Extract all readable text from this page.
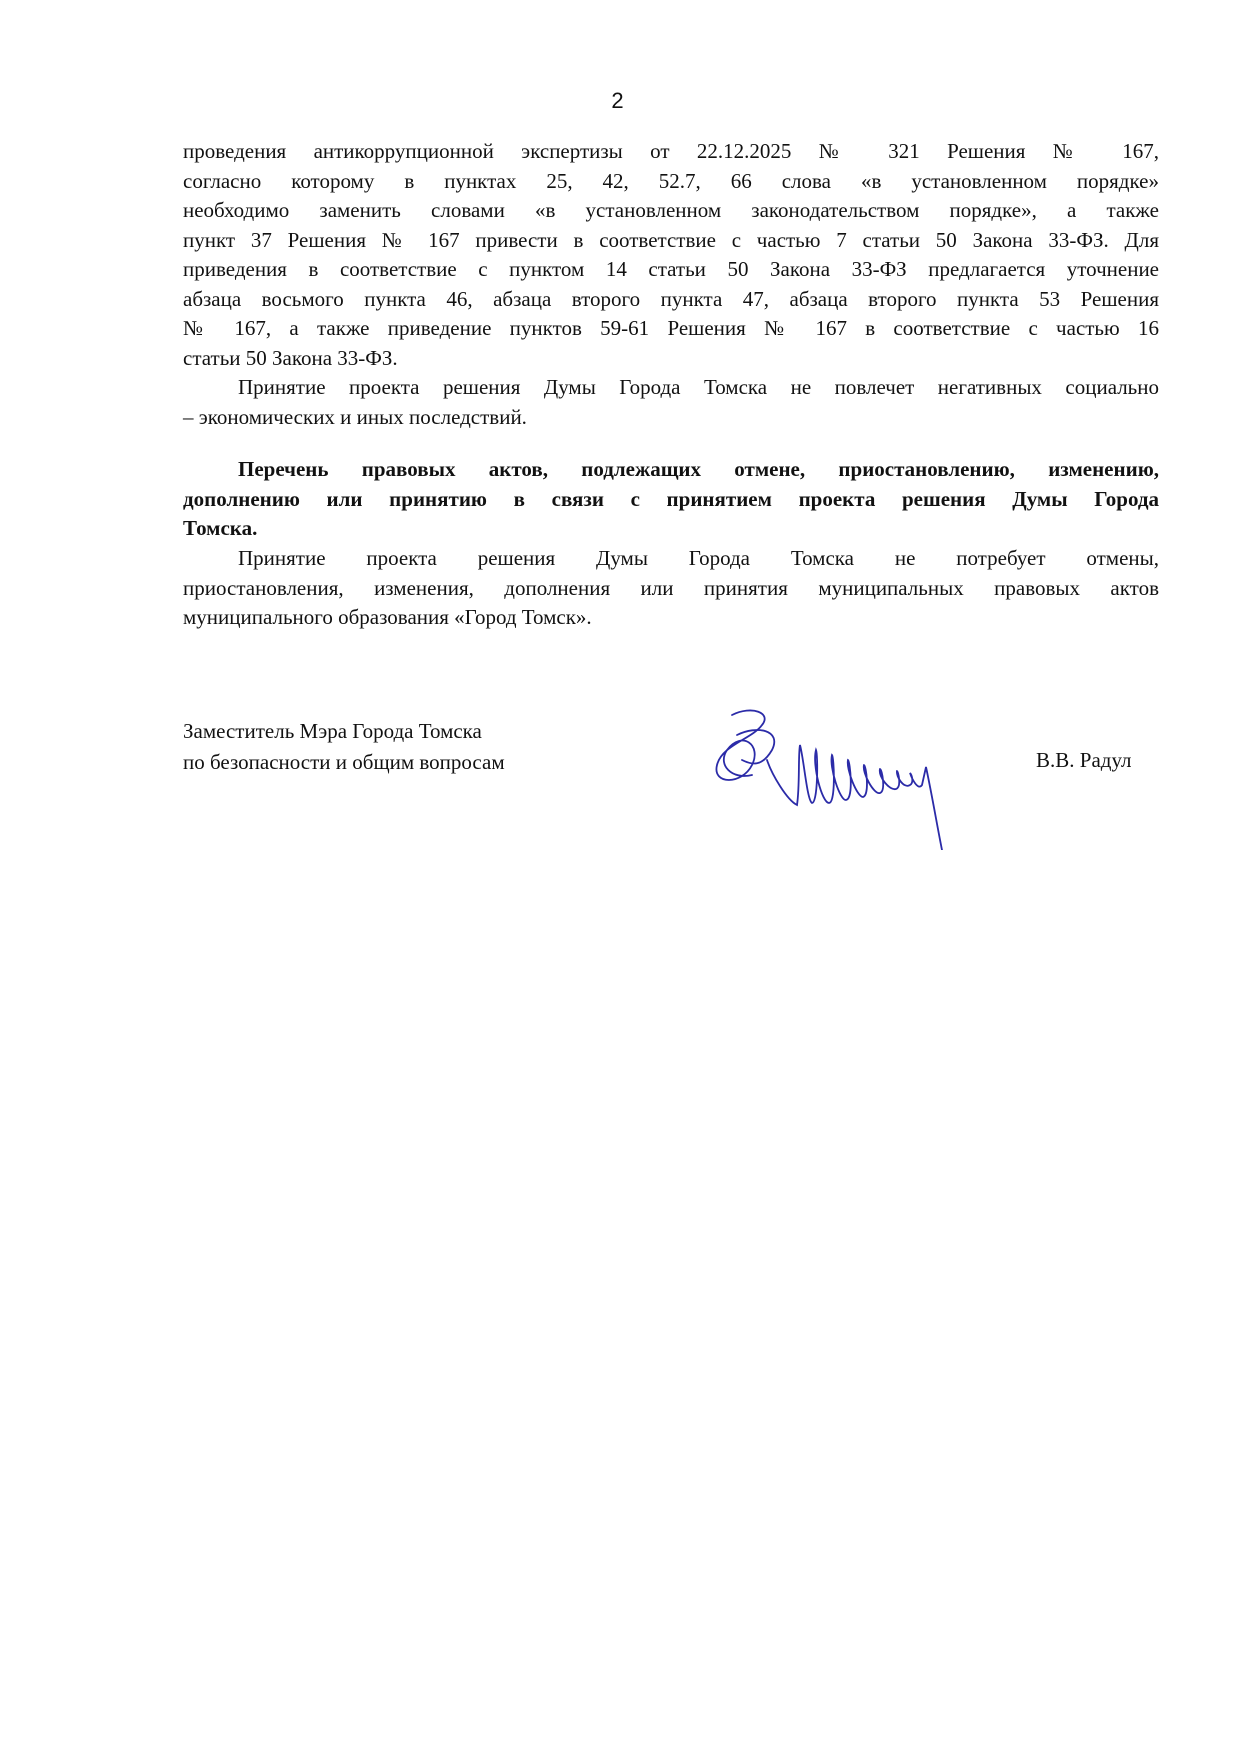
2
проведения антикоррупционной экспертизы от 22.12.2025 № 321 Решения № 167,
согласно которому в пунктах 25, 42, 52.7, 66 слова «в установленном порядке»
необходимо заменить словами «в установленном законодательством порядке», а также
пункт 37 Решения № 167 привести в соответствие с частью 7 статьи 50 Закона 33-ФЗ. Для
приведения в соответствие с пунктом 14 статьи 50 Закона 33-ФЗ предлагается уточнение
абзаца восьмого пункта 46, абзаца второго пункта 47, абзаца второго пункта 53 Решения
№ 167, а также приведение пунктов 59-61 Решения № 167 в соответствие с частью 16
статьи 50 Закона 33-ФЗ.
Принятие проекта решения Думы Города Томска не повлечет негативных социально
– экономических и иных последствий.
Перечень правовых актов, подлежащих отмене, приостановлению, изменению,
дополнению или принятию в связи с принятием проекта решения Думы Города
Томска.
Принятие проекта решения Думы Города Томска не потребует отмены,
приостановления, изменения, дополнения или принятия муниципальных правовых актов
муниципального образования «Город Томск».
Заместитель Мэра Города Томска
по безопасности и общим вопросам	В.В. Радул
